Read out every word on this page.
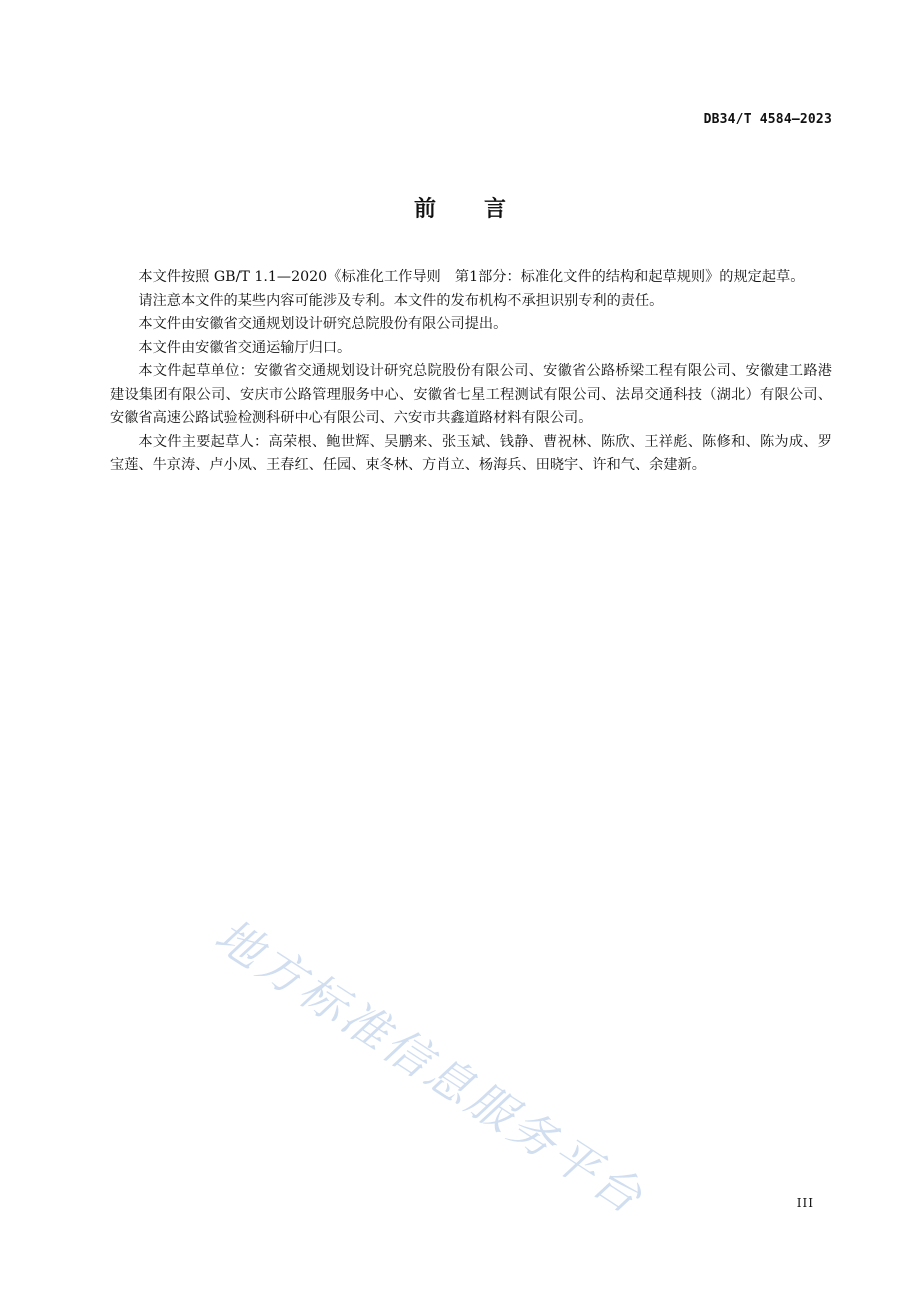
DB34/T 4584—2023
前言

本文件按照 GB/T 1.1—2020《标准化工作导则　第1部分：标准化文件的结构和起草规则》的规定起草。

请注意本文件的某些内容可能涉及专利。本文件的发布机构不承担识别专利的责任。

本文件由安徽省交通规划设计研究总院股份有限公司提出。

本文件由安徽省交通运输厅归口。

本文件起草单位：安徽省交通规划设计研究总院股份有限公司、安徽省公路桥梁工程有限公司、安徽建工路港建设集团有限公司、安庆市公路管理服务中心、安徽省七星工程测试有限公司、法昂交通科技（湖北）有限公司、安徽省高速公路试验检测科研中心有限公司、六安市共鑫道路材料有限公司。

本文件主要起草人：高荣根、鲍世辉、吴鹏来、张玉斌、钱静、曹祝林、陈欣、王祥彪、陈修和、陈为成、罗宝莲、牛京涛、卢小凤、王春红、任园、束冬林、方肖立、杨海兵、田晓宇、许和气、余建新。

地方标准信息服务平台	III
